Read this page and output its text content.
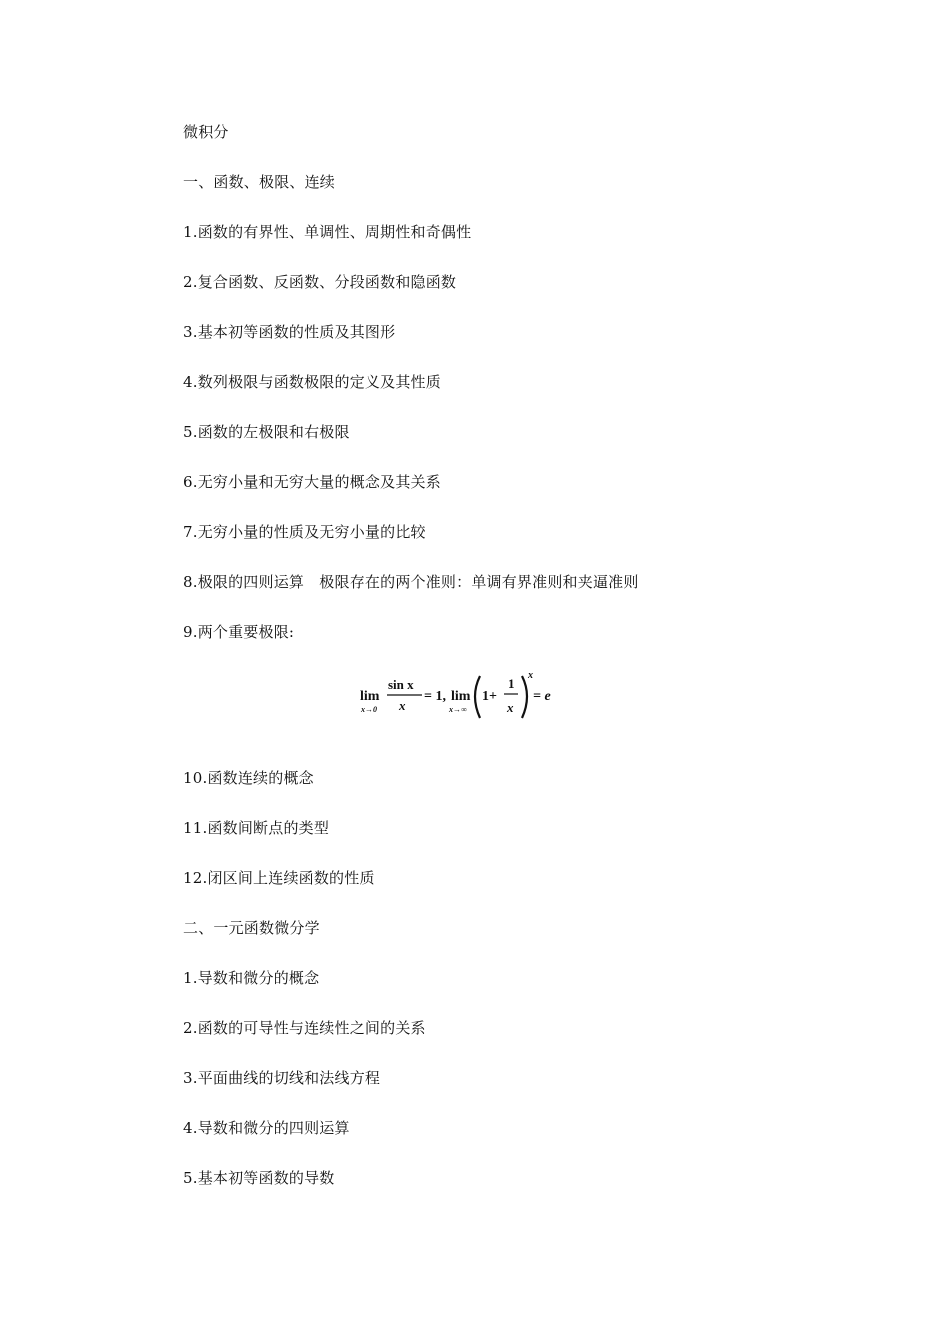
微积分
一、函数、极限、连续
1.函数的有界性、单调性、周期性和奇偶性
2.复合函数、反函数、分段函数和隐函数
3.基本初等函数的性质及其图形
4.数列极限与函数极限的定义及其性质
5.函数的左极限和右极限
6.无穷小量和无穷大量的概念及其关系
7.无穷小量的性质及无穷小量的比较
8.极限的四则运算　极限存在的两个准则：单调有界准则和夹逼准则
9.两个重要极限:
lim
x→0
sin x
x
= 1, lim
x→∞
1+
1
x
x
= e
10.函数连续的概念
11.函数间断点的类型
12.闭区间上连续函数的性质
二、一元函数微分学
1.导数和微分的概念
2.函数的可导性与连续性之间的关系
3.平面曲线的切线和法线方程
4.导数和微分的四则运算
5.基本初等函数的导数
